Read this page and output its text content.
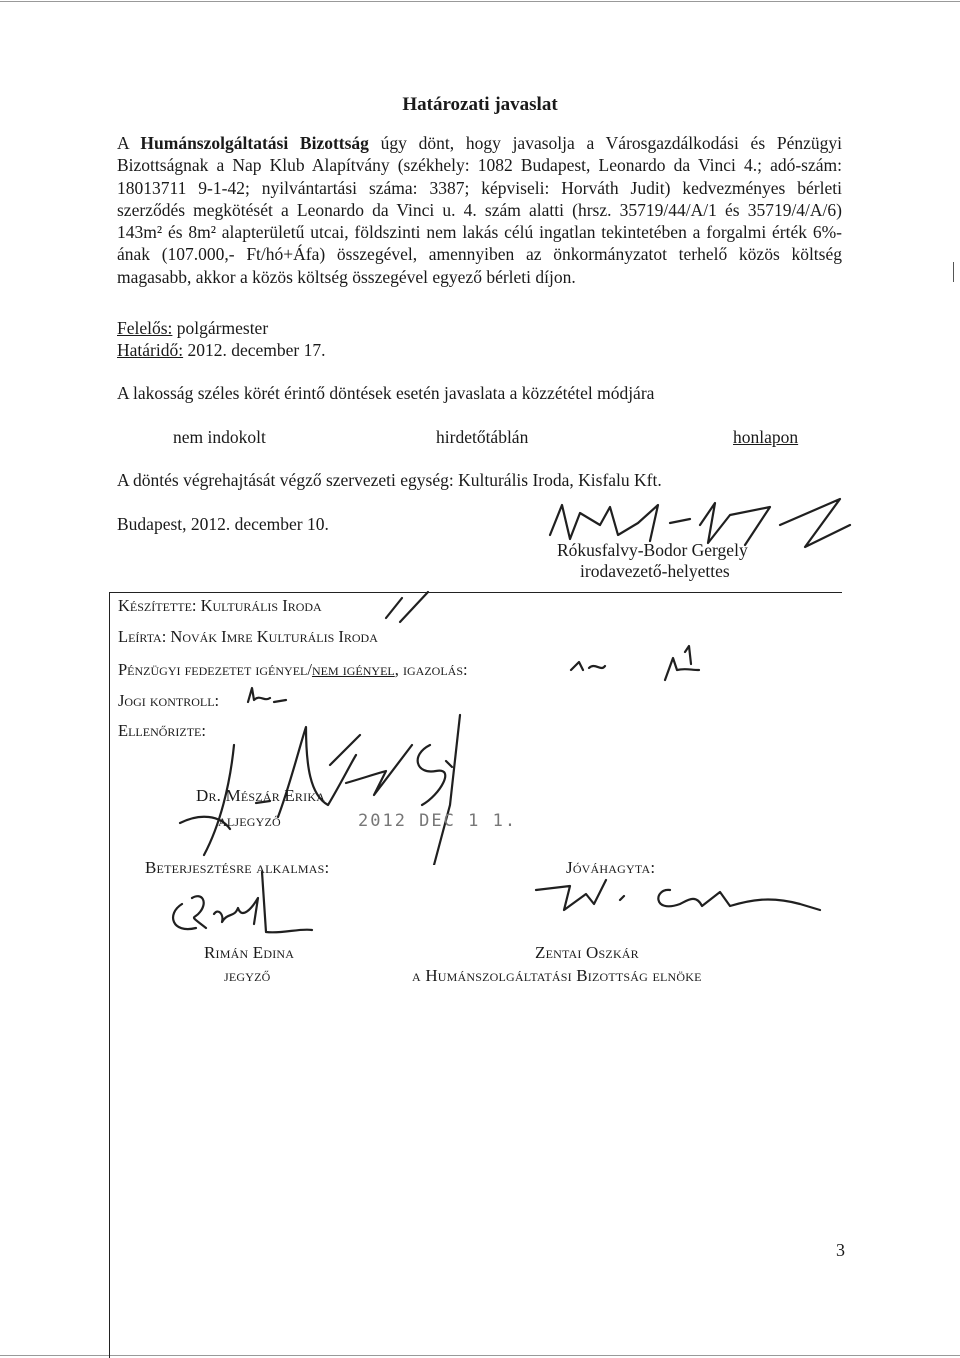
Határozati javaslat
A Humánszolgáltatási Bizottság úgy dönt, hogy javasolja a Városgazdálkodási és Pénzügyi Bizottságnak a Nap Klub Alapítvány (székhely: 1082 Budapest, Leonardo da Vinci 4.; adó-szám: 18013711 9-1-42; nyilvántartási száma: 3387; képviseli: Horváth Judit) kedvezményes bérleti szerződés megkötését a Leonardo da Vinci u. 4. szám alatti (hrsz. 35719/44/A/1 és 35719/4/A/6) 143m² és 8m² alapterületű utcai, földszinti nem lakás célú ingatlan tekintetében a forgalmi érték 6%-ának (107.000,- Ft/hó+Áfa) összegével, amennyiben az önkormányzatot terhelő közös költség magasabb, akkor a közös költség összegével egyező bérleti díjon.
Felelős: polgármester
Határidő: 2012. december 17.
A lakosság széles körét érintő döntések esetén javaslata a közzététel módjára
nem indokolt	hirdetőtáblán	honlapon
A döntés végrehajtását végző szervezeti egység: Kulturális Iroda, Kisfalu Kft.
Budapest, 2012. december 10.
Rókusfalvy-Bodor Gergely
irodavezető-helyettes
Készítette: Kulturális Iroda
Leírta: Novák Imre Kulturális Iroda
Pénzügyi fedezetet igényel/nem igényel, igazolás:
Jogi kontroll:
Ellenőrizte:
Dr. Mészár Erika
aljegyző	2012 DEC 1 1.
Beterjesztésre alkalmas:	Jóváhagyta:
Rimán Edina
jegyző
Zentai Oszkár
a Humánszolgáltatási Bizottság elnöke
3
